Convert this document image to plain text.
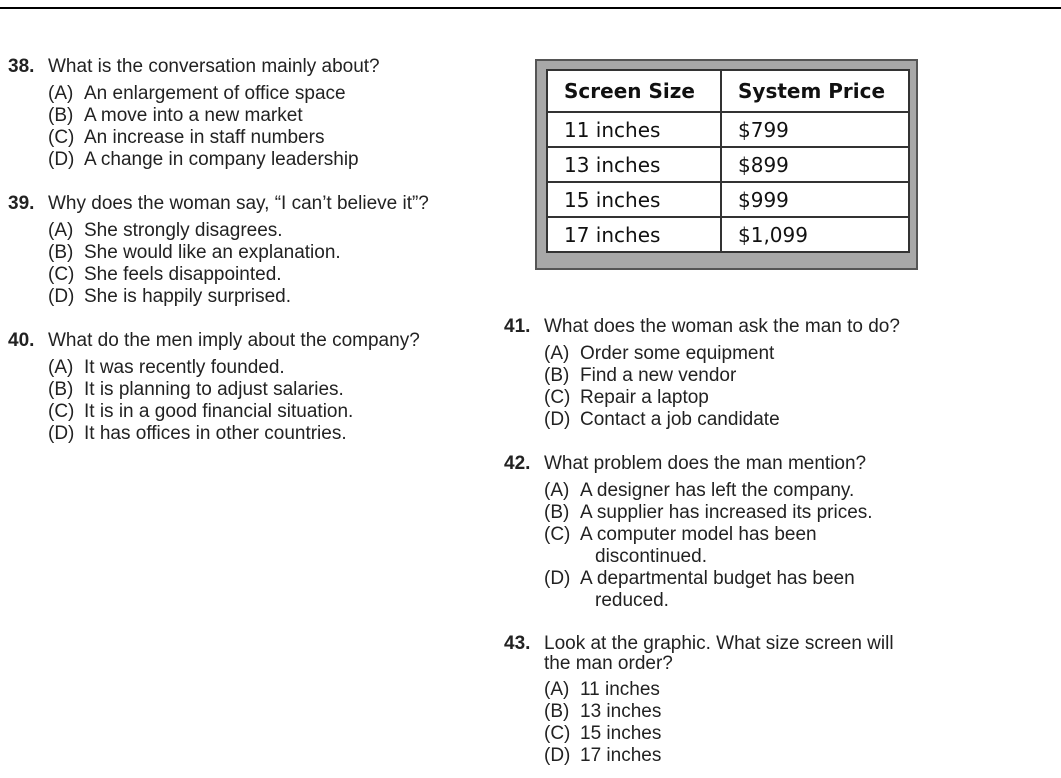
38. What is the conversation mainly about?
(A) An enlargement of office space
(B) A move into a new market
(C) An increase in staff numbers
(D) A change in company leadership
39. Why does the woman say, “I can’t believe it”?
(A) She strongly disagrees.
(B) She would like an explanation.
(C) She feels disappointed.
(D) She is happily surprised.
40. What do the men imply about the company?
(A) It was recently founded.
(B) It is planning to adjust salaries.
(C) It is in a good financial situation.
(D) It has offices in other countries.
Screen Size	System Price
11 inches	$799
13 inches	$899
15 inches	$999
17 inches	$1,099
41. What does the woman ask the man to do?
(A) Order some equipment
(B) Find a new vendor
(C) Repair a laptop
(D) Contact a job candidate
42. What problem does the man mention?
(A) A designer has left the company.
(B) A supplier has increased its prices.
(C) A computer model has been discontinued.
(D) A departmental budget has been reduced.
43. Look at the graphic. What size screen will the man order?
(A) 11 inches
(B) 13 inches
(C) 15 inches
(D) 17 inches
